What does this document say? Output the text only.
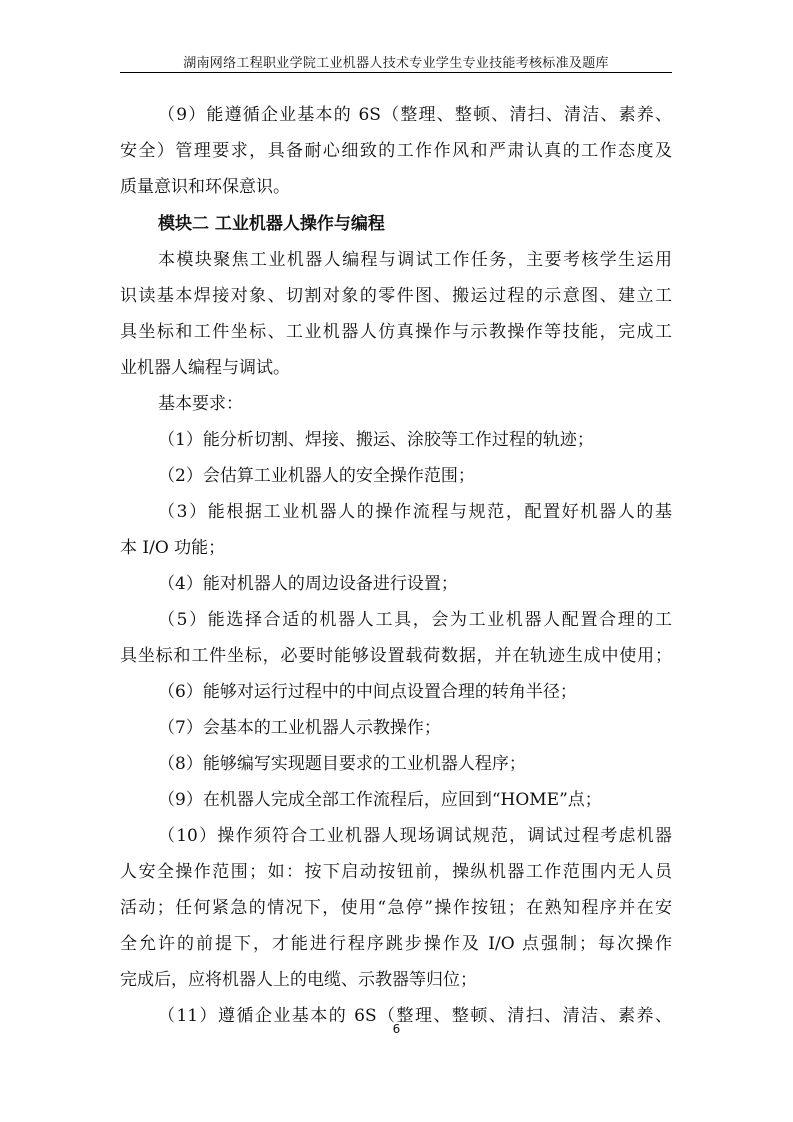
湖南网络工程职业学院工业机器人技术专业学生专业技能考核标准及题库
（9）能遵循企业基本的 6S（整理、整顿、清扫、清洁、素养、
安全）管理要求，具备耐心细致的工作作风和严肃认真的工作态度及
质量意识和环保意识。
模块二 工业机器人操作与编程
本模块聚焦工业机器人编程与调试工作任务，主要考核学生运用
识读基本焊接对象、切割对象的零件图、搬运过程的示意图、建立工
具坐标和工件坐标、工业机器人仿真操作与示教操作等技能，完成工
业机器人编程与调试。
基本要求：
（1）能分析切割、焊接、搬运、涂胶等工作过程的轨迹；
（2）会估算工业机器人的安全操作范围；
（3）能根据工业机器人的操作流程与规范，配置好机器人的基
本 I/O 功能；
（4）能对机器人的周边设备进行设置；
（5）能选择合适的机器人工具，会为工业机器人配置合理的工
具坐标和工件坐标，必要时能够设置载荷数据，并在轨迹生成中使用；
（6）能够对运行过程中的中间点设置合理的转角半径；
（7）会基本的工业机器人示教操作；
（8）能够编写实现题目要求的工业机器人程序；
（9）在机器人完成全部工作流程后，应回到“HOME”点；
（10）操作须符合工业机器人现场调试规范，调试过程考虑机器
人安全操作范围；如：按下启动按钮前，操纵机器工作范围内无人员
活动；任何紧急的情况下，使用“急停”操作按钮；在熟知程序并在安
全允许的前提下，才能进行程序跳步操作及 I/O 点强制；每次操作
完成后，应将机器人上的电缆、示教器等归位；
（11）遵循企业基本的 6S（整理、整顿、清扫、清洁、素养、
6
